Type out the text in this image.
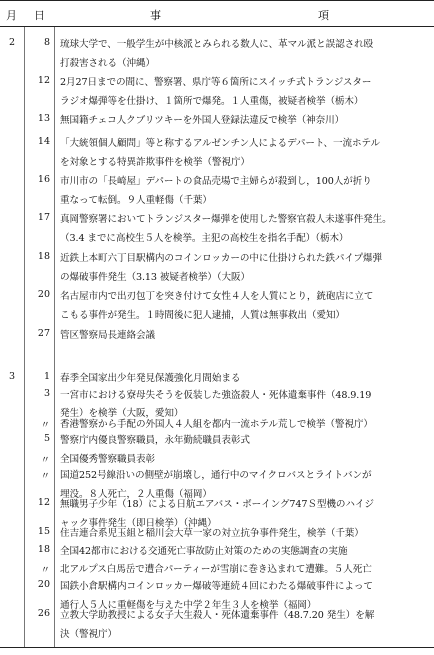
月 日	事	項
2	8 琉球大学で、一般学生が中核派とみられる数人に、革マル派と誤認され殴
打殺害される（沖縄）
12 2月27日までの間に、警察署、県庁等６箇所にスイッチ式トランジスター
ラジオ爆弾等を仕掛け、１箇所で爆発。１人重傷，被疑者検挙（栃木）
13 無国籍チェコ人クブリツキーを外国人登録法違反で検挙（神奈川）
14 「大統領個人顧問」等と称するアルゼンチン人によるデパート、一流ホテル
を対象とする特異詐欺事件を検挙（警視庁）
16 市川市の「長崎屋」デパートの食品売場で主婦らが殺到し，100人が折り
重なって転倒。９人重軽傷（千葉）
17 真岡警察署においてトランジスター爆弾を使用した警察官殺人未遂事件発生。
（3.4 までに高校生５人を検挙。主犯の高校生を指名手配）（栃木）
18 近鉄上本町六丁目駅構内のコインロッカーの中に仕掛けられた鉄パイプ爆弾
の爆破事件発生（3.13 被疑者検挙）（大阪）
20 名古屋市内で出刃包丁を突き付けて女性４人を人質にとり，銃砲店に立て
こもる事件が発生。１時間後に犯人逮捕，人質は無事救出（愛知）
27 管区警察局長連絡会議
3	1 春季全国家出少年発見保護強化月間始まる
3 一宮市における寮母失そうを仮装した強盗殺人・死体遺棄事件（48.9.19
発生）を検挙（大阪，愛知）
〃 香港警察から手配の外国人４人組を都内一流ホテル荒しで検挙（警視庁）
5 警察庁内優良警察職員，永年勤続職員表彰式
〃 全国優秀警察職員表彰
〃 国道252号線沿いの側壁が崩壊し，通行中のマイクロバスとライトバンが
埋没。８人死亡，２人重傷（福岡）
12 無職男子少年（18）による日航エアバス・ボーイング747Ｓ型機のハイジ
ャック事件発生（即日検挙）（沖縄）
15 住吉連合系児玉組と稲川会大草一家の対立抗争事件発生，検挙（千葉）
18 全国42都市における交通死亡事故防止対策のための実態調査の実施
〃 北アルプス白馬岳で遭合パーティーが雪崩に巻き込まれて遭難。５人死亡
20 国鉄小倉駅構内コインロッカー爆破等連続４回にわたる爆破事件によって
通行人５人に重軽傷を与えた中学２年生３人を検挙（福岡）
26 立教大学助教授による女子大生殺人・死体遺棄事件（48.7.20 発生）を解
決（警視庁）
